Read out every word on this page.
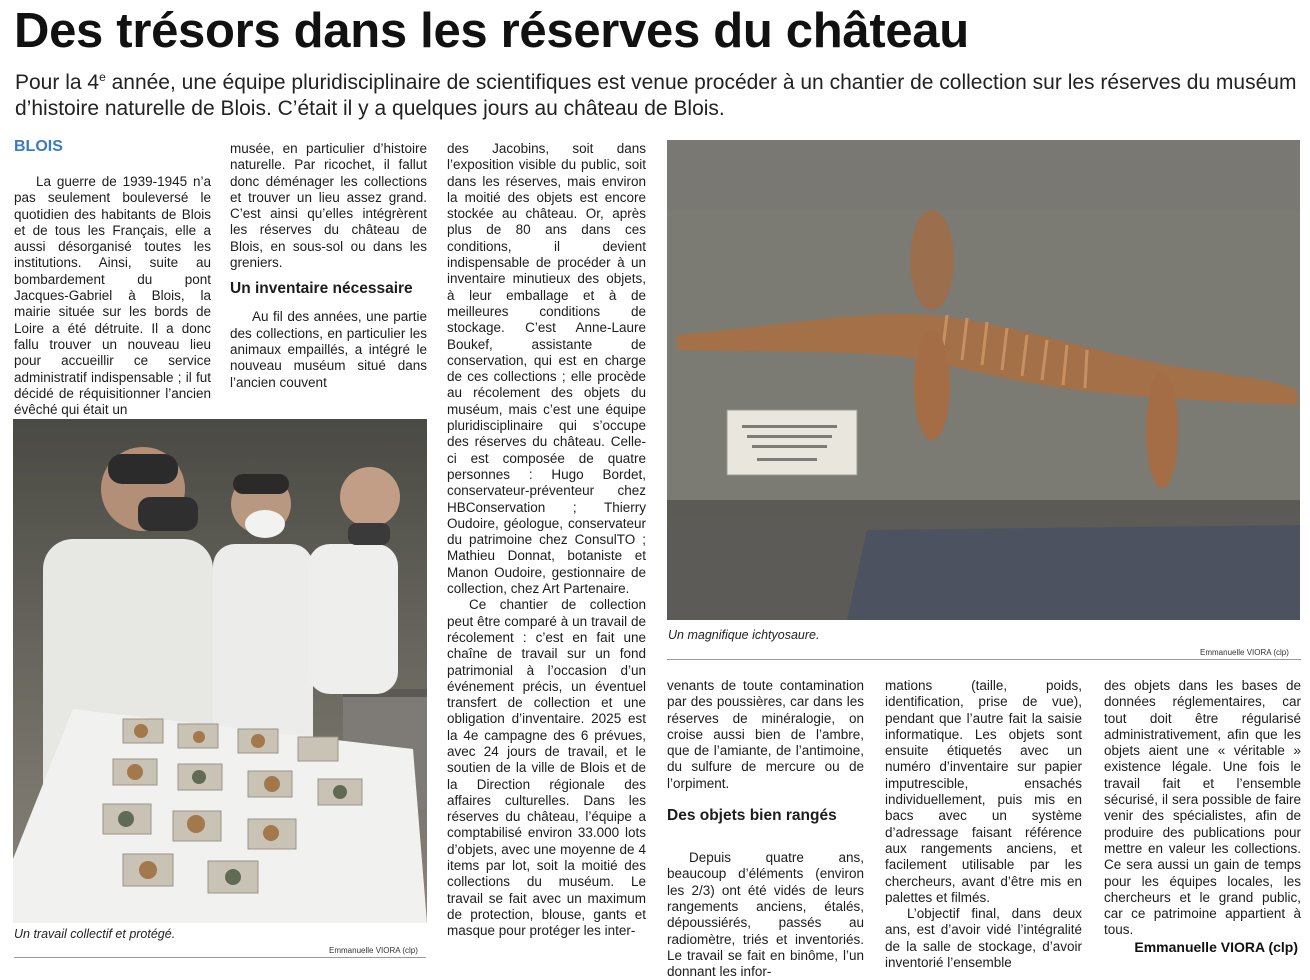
Des trésors dans les réserves du château

Pour la 4e année, une équipe pluridisciplinaire de scientifiques est venue procéder à un chantier de collection sur les réserves du muséum d’histoire naturelle de Blois. C’était il y a quelques jours au château de Blois.

BLOIS

La guerre de 1939-1945 n’a pas seulement bouleversé le quotidien des habitants de Blois et de tous les Français, elle a aussi désorganisé toutes les institutions. Ainsi, suite au bombardement du pont Jacques-Gabriel à Blois, la mairie située sur les bords de Loire a été détruite. Il a donc fallu trouver un nouveau lieu pour accueillir ce service administratif indispensable ; il fut décidé de réquisitionner l’ancien évêché qui était un

musée, en particulier d’histoire naturelle. Par ricochet, il fallut donc déménager les collections et trouver un lieu assez grand. C’est ainsi qu’elles intégrèrent les réserves du château de Blois, en sous-sol ou dans les greniers.

Un inventaire nécessaire

Au fil des années, une partie des collections, en particulier les animaux empaillés, a intégré le nouveau muséum situé dans l’ancien couvent

des Jacobins, soit dans l’exposition visible du public, soit dans les réserves, mais environ la moitié des objets est encore stockée au château. Or, après plus de 80 ans dans ces conditions, il devient indispensable de procéder à un inventaire minutieux des objets, à leur emballage et à de meilleures conditions de stockage. C’est Anne-Laure Boukef, assistante de conservation, qui est en charge de ces collections ; elle procède au récolement des objets du muséum, mais c’est une équipe pluridisciplinaire qui s’occupe des réserves du château. Celle-ci est composée de quatre personnes : Hugo Bordet, conservateur-préventeur chez HBConservation ; Thierry Oudoire, géologue, conservateur du patrimoine chez ConsulTO ; Mathieu Donnat, botaniste et Manon Oudoire, gestionnaire de collection, chez Art Partenaire.

Ce chantier de collection peut être comparé à un travail de récolement : c’est en fait une chaîne de travail sur un fond patrimonial à l’occasion d’un événement précis, un éventuel transfert de collection et une obligation d’inventaire. 2025 est la 4e campagne des 6 prévues, avec 24 jours de travail, et le soutien de la ville de Blois et de la Direction régionale des affaires culturelles. Dans les réserves du château, l’équipe a comptabilisé environ 33.000 lots d’objets, avec une moyenne de 4 items par lot, soit la moitié des collections du muséum. Le travail se fait avec un maximum de protection, blouse, gants et masque pour protéger les inter-

Un travail collectif et protégé.
Emmanuelle VIORA (clp)
Un magnifique ichtyosaure.
Emmanuelle VIORA (clp)

venants de toute contamination par des poussières, car dans les réserves de minéralogie, on croise aussi bien de l’ambre, que de l’amiante, de l’antimoine, du sulfure de mercure ou de l’orpiment.

Des objets bien rangés

Depuis quatre ans, beaucoup d’éléments (environ les 2/3) ont été vidés de leurs rangements anciens, étalés, dépoussiérés, passés au radiomètre, triés et inventoriés. Le travail se fait en binôme, l’un donnant les infor-

mations (taille, poids, identification, prise de vue), pendant que l’autre fait la saisie informatique. Les objets sont ensuite étiquetés avec un numéro d’inventaire sur papier imputrescible, ensachés individuellement, puis mis en bacs avec un système d’adressage faisant référence aux rangements anciens, et facilement utilisable par les chercheurs, avant d’être mis en palettes et filmés.

L’objectif final, dans deux ans, est d’avoir vidé l’intégralité de la salle de stockage, d’avoir inventorié l’ensemble

des objets dans les bases de données réglementaires, car tout doit être régularisé administrativement, afin que les objets aient une « véritable » existence légale. Une fois le travail fait et l’ensemble sécurisé, il sera possible de faire venir des spécialistes, afin de produire des publications pour mettre en valeur les collections. Ce sera aussi un gain de temps pour les équipes locales, les chercheurs et le grand public, car ce patrimoine appartient à tous.

Emmanuelle VIORA (clp)
